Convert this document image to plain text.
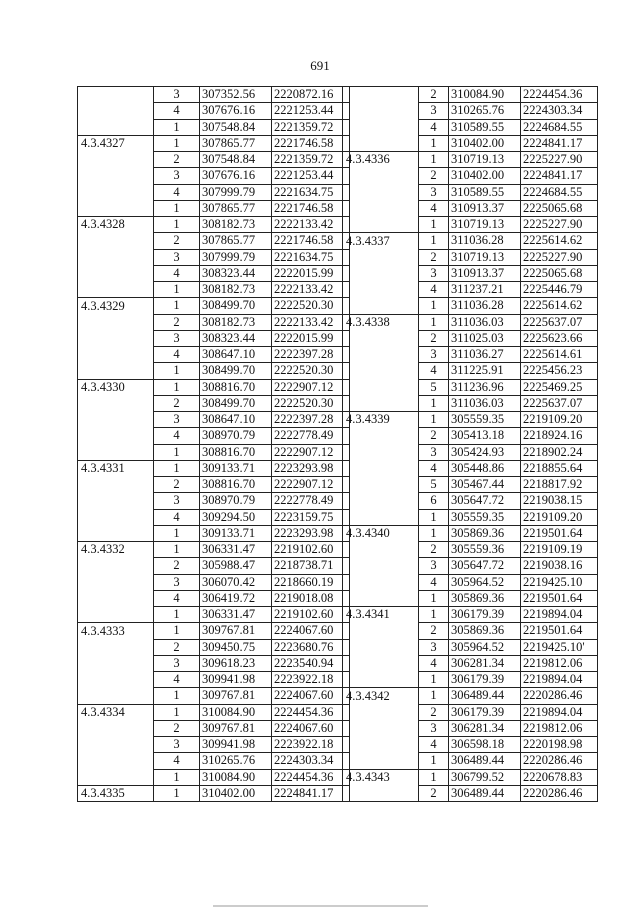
691
	3	307352.56	2220872.16
	4	307676.16	2221253.44
	1	307548.84	2221359.72
4.3.4327	1	307865.77	2221746.58
	2	307548.84	2221359.72
	3	307676.16	2221253.44
	4	307999.79	2221634.75
	1	307865.77	2221746.58
4.3.4328	1	308182.73	2222133.42
	2	307865.77	2221746.58
	3	307999.79	2221634.75
	4	308323.44	2222015.99
	1	308182.73	2222133.42
4.3.4329	1	308499.70	2222520.30
	2	308182.73	2222133.42
	3	308323.44	2222015.99
	4	308647.10	2222397.28
	1	308499.70	2222520.30
4.3.4330	1	308816.70	2222907.12
	2	308499.70	2222520.30
	3	308647.10	2222397.28
	4	308970.79	2222778.49
	1	308816.70	2222907.12
4.3.4331	1	309133.71	2223293.98
	2	308816.70	2222907.12
	3	308970.79	2222778.49
	4	309294.50	2223159.75
	1	309133.71	2223293.98
4.3.4332	1	306331.47	2219102.60
	2	305988.47	2218738.71
	3	306070.42	2218660.19
	4	306419.72	2219018.08
	1	306331.47	2219102.60
4.3.4333	1	309767.81	2224067.60
	2	309450.75	2223680.76
	3	309618.23	2223540.94
	4	309941.98	2223922.18
	1	309767.81	2224067.60
4.3.4334	1	310084.90	2224454.36
	2	309767.81	2224067.60
	3	309941.98	2223922.18
	4	310265.76	2224303.34
	1	310084.90	2224454.36
4.3.4335	1	310402.00	2224841.17
	2	310084.90	2224454.36
	3	310265.76	2224303.34
	4	310589.55	2224684.55
	1	310402.00	2224841.17
4.3.4336	1	310719.13	2225227.90
	2	310402.00	2224841.17
	3	310589.55	2224684.55
	4	310913.37	2225065.68
	1	310719.13	2225227.90
4.3.4337	1	311036.28	2225614.62
	2	310719.13	2225227.90
	3	310913.37	2225065.68
	4	311237.21	2225446.79
	1	311036.28	2225614.62
4.3.4338	1	311036.03	2225637.07
	2	311025.03	2225623.66
	3	311036.27	2225614.61
	4	311225.91	2225456.23
	5	311236.96	2225469.25
	1	311036.03	2225637.07
4.3.4339	1	305559.35	2219109.20
	2	305413.18	2218924.16
	3	305424.93	2218902.24
	4	305448.86	2218855.64
	5	305467.44	2218817.92
	6	305647.72	2219038.15
	1	305559.35	2219109.20
4.3.4340	1	305869.36	2219501.64
	2	305559.36	2219109.19
	3	305647.72	2219038.16
	4	305964.52	2219425.10
	1	305869.36	2219501.64
4.3.4341	1	306179.39	2219894.04
	2	305869.36	2219501.64
	3	305964.52	2219425.10'
	4	306281.34	2219812.06
	1	306179.39	2219894.04
4.3.4342	1	306489.44	2220286.46
	2	306179.39	2219894.04
	3	306281.34	2219812.06
	4	306598.18	2220198.98
	1	306489.44	2220286.46
4.3.4343	1	306799.52	2220678.83
	2	306489.44	2220286.46
